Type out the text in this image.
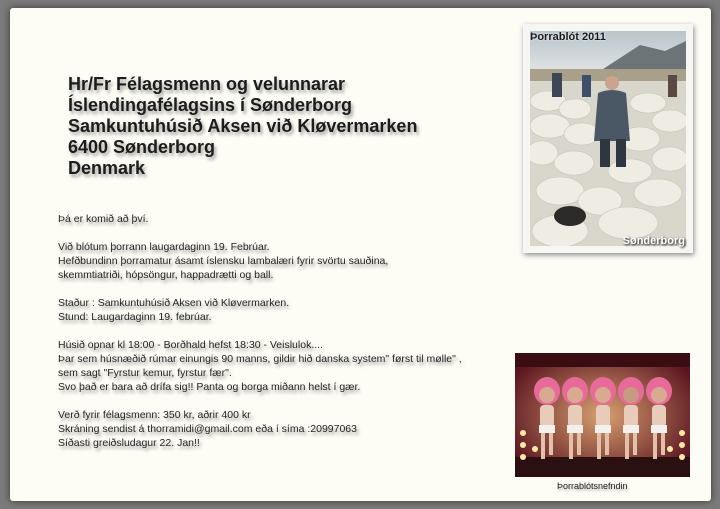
Hr/Fr Félagsmenn og velunnarar
Íslendingafélagsins í Sønderborg
Samkuntuhúsið Aksen við Kløvermarken
6400 Sønderborg
Denmark
Þá er komið að því.
Við blótum þorrann laugardaginn 19. Febrúar.
Hefðbundinn þorramatur ásamt íslensku lambalæri fyrir svörtu sauðina,
skemmtiatriði, hópsöngur, happadrætti og ball.
Staður : Samkuntuhúsið Aksen við Kløvermarken.
Stund: Laugardaginn 19. febrúar.
Húsið opnar kl 18:00 - Borðhald hefst 18:30 - Veislulok....
Þar sem húsnæðið rúmar einungis 90 manns, gildir hið danska system" først til mølle" ,
sem sagt "Fyrstur kemur, fyrstur fær".
Svo það er bara að drífa sig!! Panta og borga miðann helst í gær.
Verð fyrir félagsmenn: 350 kr, aðrir 400 kr
Skráning sendist á thorramidi@gmail.com eða í síma :20997063
Síðasti greiðsludagur 22. Jan!!
Þorrablót 2011
Sønderborg
Þorrablótsnefndin
